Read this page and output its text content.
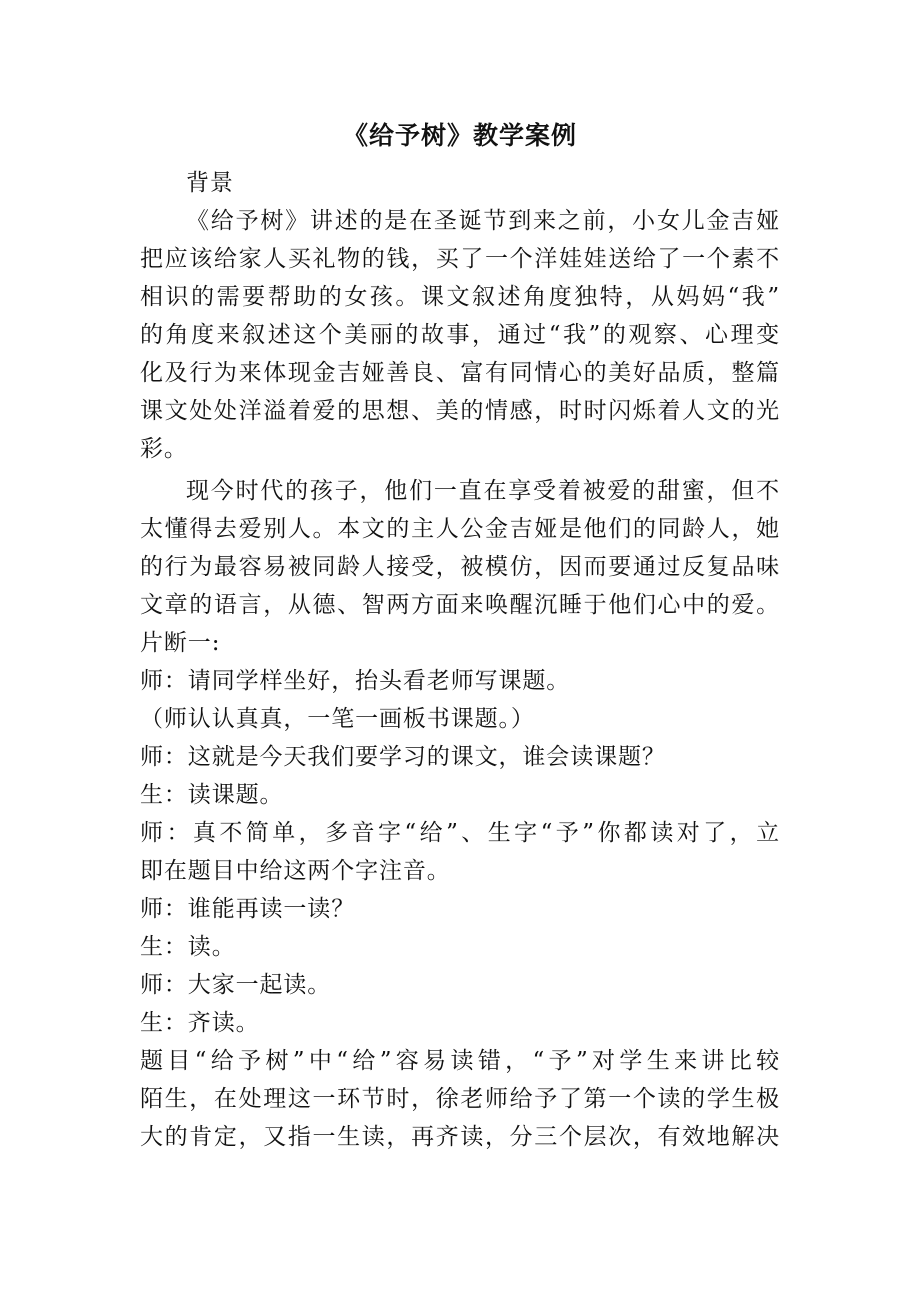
《给予树》教学案例

背景

《给予树》讲述的是在圣诞节到来之前，小女儿金吉娅
把应该给家人买礼物的钱，买了一个洋娃娃送给了一个素不
相识的需要帮助的女孩。课文叙述角度独特，从妈妈“我”
的角度来叙述这个美丽的故事，通过“我”的观察、心理变
化及行为来体现金吉娅善良、富有同情心的美好品质，整篇
课文处处洋溢着爱的思想、美的情感，时时闪烁着人文的光
彩。

现今时代的孩子，他们一直在享受着被爱的甜蜜，但不
太懂得去爱别人。本文的主人公金吉娅是他们的同龄人，她
的行为最容易被同龄人接受，被模仿，因而要通过反复品味
文章的语言，从德、智两方面来唤醒沉睡于他们心中的爱。

片断一:

师：请同学样坐好，抬头看老师写课题。

（师认认真真，一笔一画板书课题。）

师：这就是今天我们要学习的课文，谁会读课题？

生：读课题。

师：真不简单，多音字“给”、生字“予”你都读对了，立
即在题目中给这两个字注音。

师：谁能再读一读？

生：读。

师：大家一起读。

生：齐读。

题目“给予树”中“给”容易读错，“予”对学生来讲比较
陌生，在处理这一环节时，徐老师给予了第一个读的学生极
大的肯定，又指一生读，再齐读，分三个层次，有效地解决
